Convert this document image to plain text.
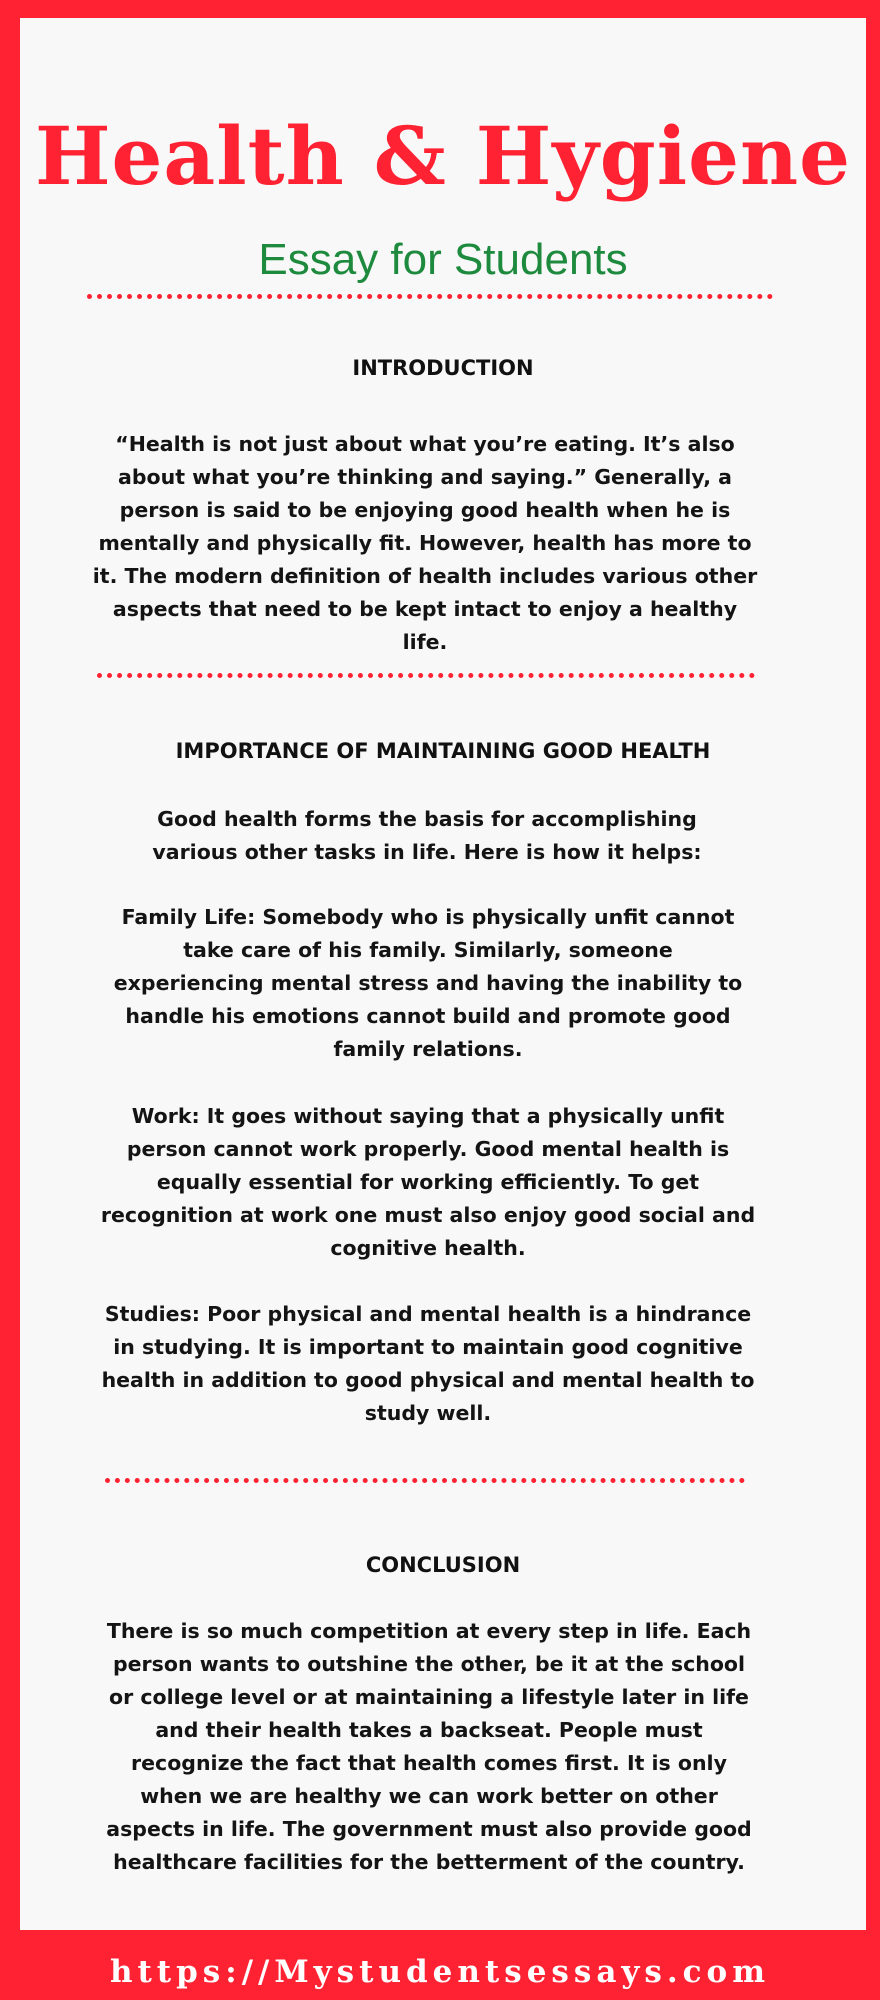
Health & Hygiene
Essay for Students
INTRODUCTION

“Health is not just about what you’re eating. It’s also about what you’re thinking and saying.” Generally, a person is said to be enjoying good health when he is mentally and physically fit. However, health has more to it. The modern definition of health includes various other aspects that need to be kept intact to enjoy a healthy life.

IMPORTANCE OF MAINTAINING GOOD HEALTH

Good health forms the basis for accomplishing various other tasks in life. Here is how it helps:

Family Life: Somebody who is physically unfit cannot take care of his family. Similarly, someone experiencing mental stress and having the inability to handle his emotions cannot build and promote good family relations.

Work: It goes without saying that a physically unfit person cannot work properly. Good mental health is equally essential for working efficiently. To get recognition at work one must also enjoy good social and cognitive health.

Studies: Poor physical and mental health is a hindrance in studying. It is important to maintain good cognitive health in addition to good physical and mental health to study well.

CONCLUSION

There is so much competition at every step in life. Each person wants to outshine the other, be it at the school or college level or at maintaining a lifestyle later in life and their health takes a backseat. People must recognize the fact that health comes first. It is only when we are healthy we can work better on other aspects in life. The government must also provide good healthcare facilities for the betterment of the country.

https://Mystudentsessays.com
